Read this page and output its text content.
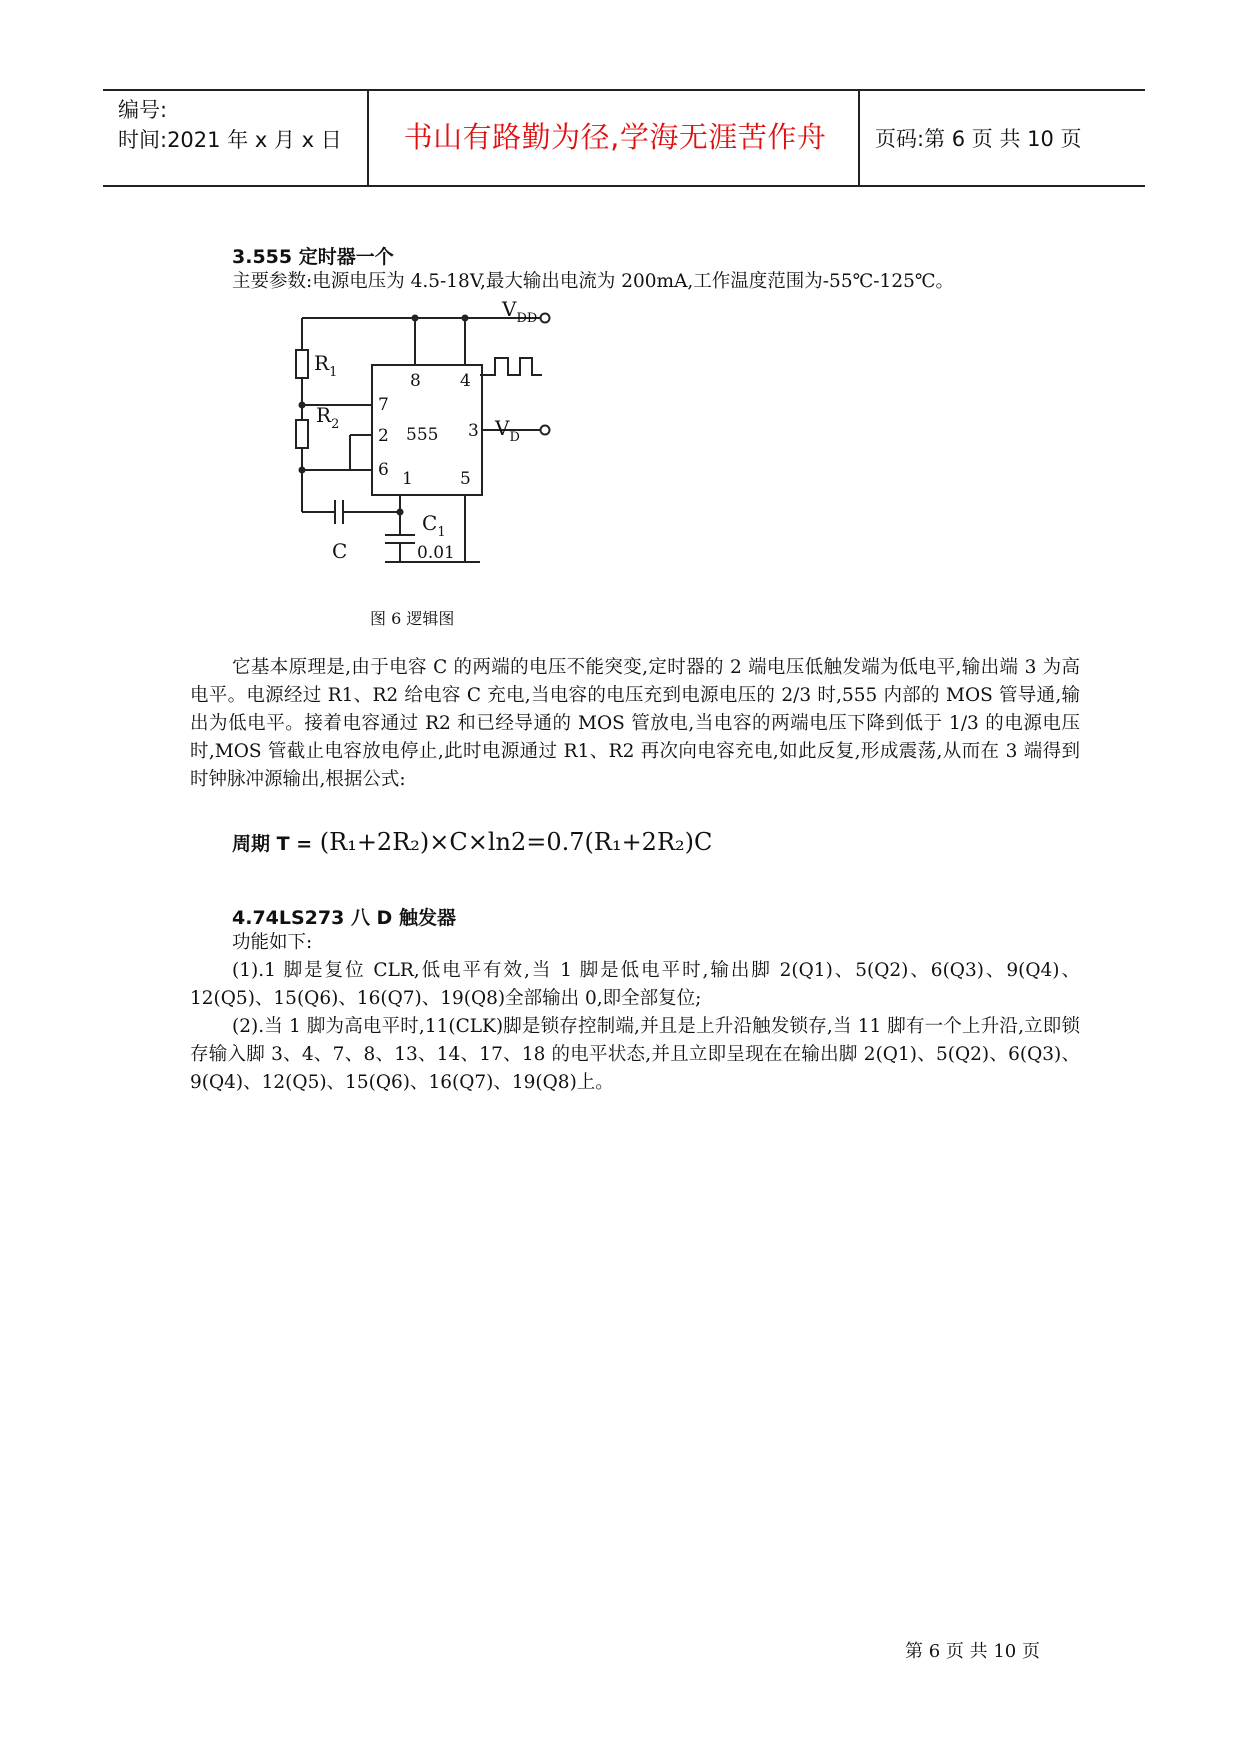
编号:
时间:2021 年 x 月 x 日	书山有路勤为径,学海无涯苦作舟	页码:第 6 页 共 10 页
3.555 定时器一个
主要参数:电源电压为 4.5-18V,最大输出电流为 200mA,工作温度范围为-55℃-125℃。
$V_{DD}$
$V_D$
$R_1$
$R_2$
$C_1$
0.01
C
555
8 4
7
2
6 1	5
3
图 6 逻辑图
它基本原理是,由于电容 C 的两端的电压不能突变,定时器的 2 端电压低触发端为低电平,输出端 3 为高电平。电源经过 R1、R2 给电容 C 充电,当电容的电压充到电源电压的 2/3 时,555 内部的 MOS 管导通,输出为低电平。接着电容通过 R2 和已经导通的 MOS 管放电,当电容的两端电压下降到低于 1/3 的电源电压时,MOS 管截止电容放电停止,此时电源通过 R1、R2 再次向电容充电,如此反复,形成震荡,从而在 3 端得到时钟脉冲源输出,根据公式:
周期 T = (R₁+2R₂)×C×ln2=0.7(R₁+2R₂)C
4.74LS273 八 D 触发器
功能如下:
(1).1 脚是复位 CLR,低电平有效,当 1 脚是低电平时,输出脚 2(Q1)、5(Q2)、6(Q3)、9(Q4)、12(Q5)、15(Q6)、16(Q7)、19(Q8)全部输出 0,即全部复位;
(2).当 1 脚为高电平时,11(CLK)脚是锁存控制端,并且是上升沿触发锁存,当 11 脚有一个上升沿,立即锁存输入脚 3、4、7、8、13、14、17、18 的电平状态,并且立即呈现在在输出脚 2(Q1)、5(Q2)、6(Q3)、9(Q4)、12(Q5)、15(Q6)、16(Q7)、19(Q8)上。
第 6 页 共 10 页
